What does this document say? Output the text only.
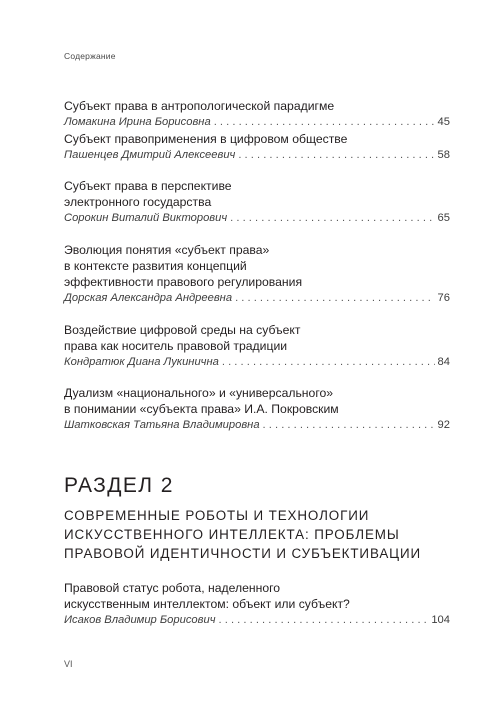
Содержание
Субъект права в антропологической парадигме
Ломакина Ирина Борисовна . . .	45
Субъект правоприменения в цифровом обществе
Пашенцев Дмитрий Алексеевич . . .	58
Субъект права в перспективе
электронного государства
Сорокин Виталий Викторович . . .	65
Эволюция понятия «субъект права»
в контексте развития концепций
эффективности правового регулирования
Дорская Александра Андреевна . . .	76
Воздействие цифровой среды на субъект
права как носитель правовой традиции
Кондратюк Диана Лукинична . . .	84
Дуализм «национального» и «универсального»
в понимании «субъекта права» И.А. Покровским
Шатковская Татьяна Владимировна . . .	92
РАЗДЕЛ 2
СОВРЕМЕННЫЕ РОБОТЫ И ТЕХНОЛОГИИ
ИСКУССТВЕННОГО ИНТЕЛЛЕКТА: ПРОБЛЕМЫ
ПРАВОВОЙ ИДЕНТИЧНОСТИ И СУБЪЕКТИВАЦИИ
Правовой статус робота, наделенного
искусственным интеллектом: объект или субъект?
Исаков Владимир Борисович . . .	104
VI
